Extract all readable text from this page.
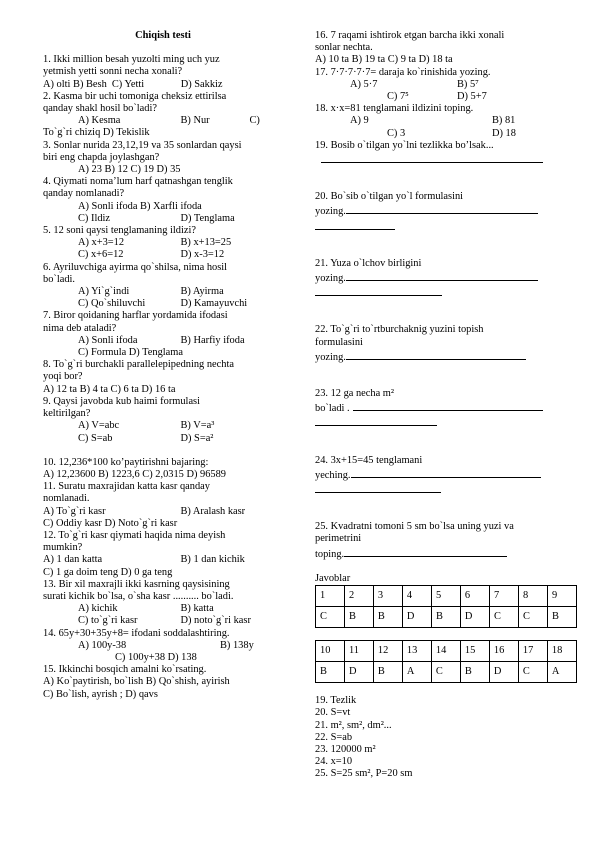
Chiqish testi
1. Ikki million besah yuzolti ming uch yuz
yetmish yetti sonni necha xonali?
A) olti B) Besh C) Yetti	D) Sakkiz
2. Kasma bir uchi tomoniga cheksiz ettirilsa
qanday shakl hosil bo`ladi?
A) Kesma	B) Nur	C)
To`g`ri chiziq D) Tekislik
3. Sonlar nurida 23,12,19 va 35 sonlardan qaysi
biri eng chapda joylashgan?
A) 23 B) 12 C) 19 D) 35
4. Qiymati noma’lum harf qatnashgan tenglik
qanday nomlanadi?
A) Sonli ifoda B) Xarfli ifoda
C) Ildiz	D) Tenglama
5. 12 soni qaysi tenglamaning ildizi?
A) x+3=12	B) x+13=25
C) x+6=12	D) x-3=12
6. Ayriluvchiga ayirma qo`shilsa, nima hosil
bo`ladi.
A) Yi`g`indi	B) Ayirma
C) Qo`shiluvchi	D) Kamayuvchi
7. Biror qoidaning harflar yordamida ifodasi
nima deb ataladi?
A) Sonli ifoda	B) Harfiy ifoda
C) Formula D) Tenglama
8. To`g`ri burchakli parallelepipedning nechta
yoqi bor?
A) 12 ta B) 4 ta C) 6 ta D) 16 ta
9. Qaysi javobda kub haimi formulasi
keltirilgan?
A) V=abc	B) V=a³
C) S=ab	D) S=a²
10. 12,236*100 ko’paytirishni bajaring:
A) 12,23600 B) 1223,6 C) 2,0315 D) 96589
11. Suratu maxrajidan katta kasr qanday
nomlanadi.
A) To`g`ri kasr	B) Aralash kasr
C) Oddiy kasr D) Noto`g`ri kasr
12. To`g`ri kasr qiymati haqida nima deyish
mumkin?
A) 1 dan katta	B) 1 dan kichik
C) 1 ga doim teng D) 0 ga teng
13. Bir xil maxrajli ikki kasrning qaysisining
surati kichik bo`lsa, o`sha kasr .......... bo`ladi.
A) kichik	B) katta
C) to`g`ri kasr	D) noto`g`ri kasr
14. 65y+30+35y+8= ifodani soddalashtiring.
A) 100y-38	B) 138y
C) 100y+38 D) 138
15. Ikkinchi bosqich amalni ko`rsating.
A) Ko`paytirish, bo`lish B) Qo`shish, ayirish
C) Bo`lish, ayrish ; D) qavs
16. 7 raqami ishtirok etgan barcha ikki xonali
sonlar nechta.
A) 10 ta B) 19 ta C) 9 ta D) 18 ta
17. 7·7·7·7·7= daraja ko`rinishida yozing.
A) 5·7	B) 5⁷
C) 7⁵	D) 5+7
18. x·x=81 tenglamani ildizini toping.
A) 9	B) 81
C) 3	D) 18
19. Bosib o`tilgan yo`lni tezlikka bo’lsak...
20. Bo`sib o`tilgan yo`l formulasini
yozing.
21. Yuza o`lchov birligini
yozing.
22. To`g`ri to`rtburchaknig yuzini topish
formulasini
yozing.
23. 12 ga necha m²
bo`ladi .
24. 3x+15=45 tenglamani
yeching.
25. Kvadratni tomoni 5 sm bo`lsa uning yuzi va
perimetrini
toping.
Javoblar
1	2	3	4	5	6	7	8	9
C	B	B	D	B	D	C	C	B
10	11	12	13	14	15	16	17	18
B	D	B	A	C	B	D	C	A
19. Tezlik
20. S=vt
21. m², sm², dm²...
22. S=ab
23. 120000 m²
24. x=10
25. S=25 sm², P=20 sm
